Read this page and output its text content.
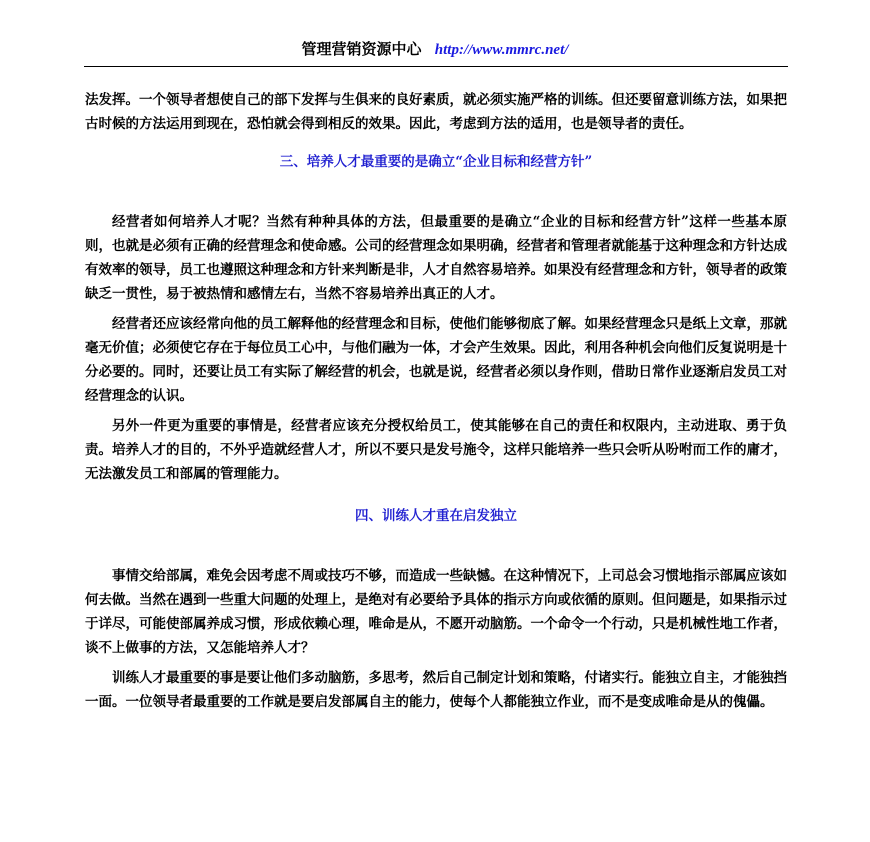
管理营销资源中心 http://www.mmrc.net/

法发挥。一个领导者想使自己的部下发挥与生俱来的良好素质，就必须实施严格的训练。但还要留意训练方法，如果把古时候的方法运用到现在，恐怕就会得到相反的效果。因此，考虑到方法的适用，也是领导者的责任。

三、培养人才最重要的是确立“企业目标和经营方针”

经营者如何培养人才呢？当然有种种具体的方法，但最重要的是确立“企业的目标和经营方针”这样一些基本原则，也就是必须有正确的经营理念和使命感。公司的经营理念如果明确，经营者和管理者就能基于这种理念和方针达成有效率的领导，员工也遵照这种理念和方针来判断是非，人才自然容易培养。如果没有经营理念和方针，领导者的政策缺乏一贯性，易于被热情和感情左右，当然不容易培养出真正的人才。

经营者还应该经常向他的员工解释他的经营理念和目标，使他们能够彻底了解。如果经营理念只是纸上文章，那就毫无价值；必须使它存在于每位员工心中，与他们融为一体，才会产生效果。因此，利用各种机会向他们反复说明是十分必要的。同时，还要让员工有实际了解经营的机会，也就是说，经营者必须以身作则，借助日常作业逐渐启发员工对经营理念的认识。

另外一件更为重要的事情是，经营者应该充分授权给员工，使其能够在自己的责任和权限内，主动进取、勇于负责。培养人才的目的，不外乎造就经营人才，所以不要只是发号施令，这样只能培养一些只会听从吩咐而工作的庸才，无法激发员工和部属的管理能力。

四、训练人才重在启发独立

事情交给部属，难免会因考虑不周或技巧不够，而造成一些缺憾。在这种情况下，上司总会习惯地指示部属应该如何去做。当然在遇到一些重大问题的处理上，是绝对有必要给予具体的指示方向或依循的原则。但问题是，如果指示过于详尽，可能使部属养成习惯，形成依赖心理，唯命是从，不愿开动脑筋。一个命令一个行动，只是机械性地工作者，谈不上做事的方法，又怎能培养人才？

训练人才最重要的事是要让他们多动脑筋，多思考，然后自己制定计划和策略，付诸实行。能独立自主，才能独挡一面。一位领导者最重要的工作就是要启发部属自主的能力，使每个人都能独立作业，而不是变成唯命是从的傀儡。
